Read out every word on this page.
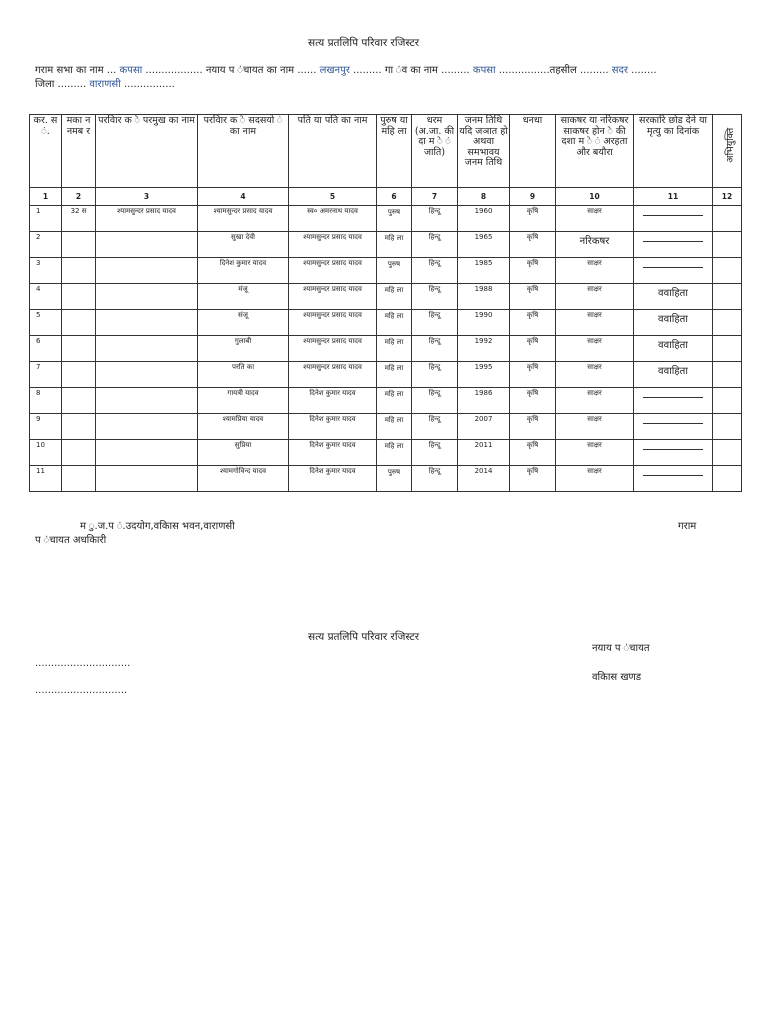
सत्य प्रतलिपि परिवार रजिस्टर
गराम सभा का नाम ... कपसा .................. नयाय प ंचायत का नाम ...... लखनपुर ......... गा ंव का नाम ......... कपसा ................तहसील ......... सदर ........
जिला ......... वाराणसी ................
कर. स ं.	मका न नमब र	परविार क े परमुख का नाम	परविार क े सदसयो ं का नाम	पति या पति का नाम	पुरुष या महि ला	धरम (अ.जा. की दा म े ं जाति)	जनम तिथि यदि जञात हो अथवा समभावय जनम तिथि	धनधा	साकषर या नरिकषर साकषर होन े की दशा म े ं अरहता और बयौरा	सरकारि छोड देने या मृत्यु का दिनांक	अभियुक्ति
1	2	3	4	5	6	7	8	9	10	11	12
1	32 स	श्यामसुन्दर प्रसाद यादव	श्यामसुन्दर प्रसाद यादव	स्व० अमरनाथ यादव	पुरुष	हिन्दू	1960	कृषि	साक्षर		
2			सुखा देवी	श्यामसुन्दर प्रसाद यादव	महि ला	हिन्दू	1965	कृषि	नरिकषर		
3			दिनेश कुमार यादव	श्यामसुन्दर प्रसाद यादव	पुरुष	हिन्दू	1985	कृषि	साक्षर		
4			मंजू	श्यामसुन्दर प्रसाद यादव	महि ला	हिन्दू	1988	कृषि	साक्षर	ववाहिता	
5			संजू	श्यामसुन्दर प्रसाद यादव	महि ला	हिन्दू	1990	कृषि	साक्षर	ववाहिता	
6			गुलाबी	श्यामसुन्दर प्रसाद यादव	महि ला	हिन्दू	1992	कृषि	साक्षर	ववाहिता	
7			परति का	श्यामसुन्दर प्रसाद यादव	महि ला	हिन्दू	1995	कृषि	साक्षर	ववाहिता	
8			गायत्री यादव	दिनेश कुमार यादव	महि ला	हिन्दू	1986	कृषि	साक्षर		
9			श्यामप्रिया यादव	दिनेश कुमार यादव	महि ला	हिन्दू	2007	कृषि	साक्षर		
10			सुप्रिया	दिनेश कुमार यादव	महि ला	हिन्दू	2011	कृषि	साक्षर		
11			श्यामगोविन्द यादव	दिनेश कुमार यादव	पुरुष	हिन्दू	2014	कृषि	साक्षर		
म ु.ज.प ं.उदयोग,वकिास भवन,वाराणसी	गराम
प ंचायत अधकिारी
सत्य प्रतलिपि परिवार रजिस्टर
नयाय प ंचायत
..............................
वकिास खणड
.............................
